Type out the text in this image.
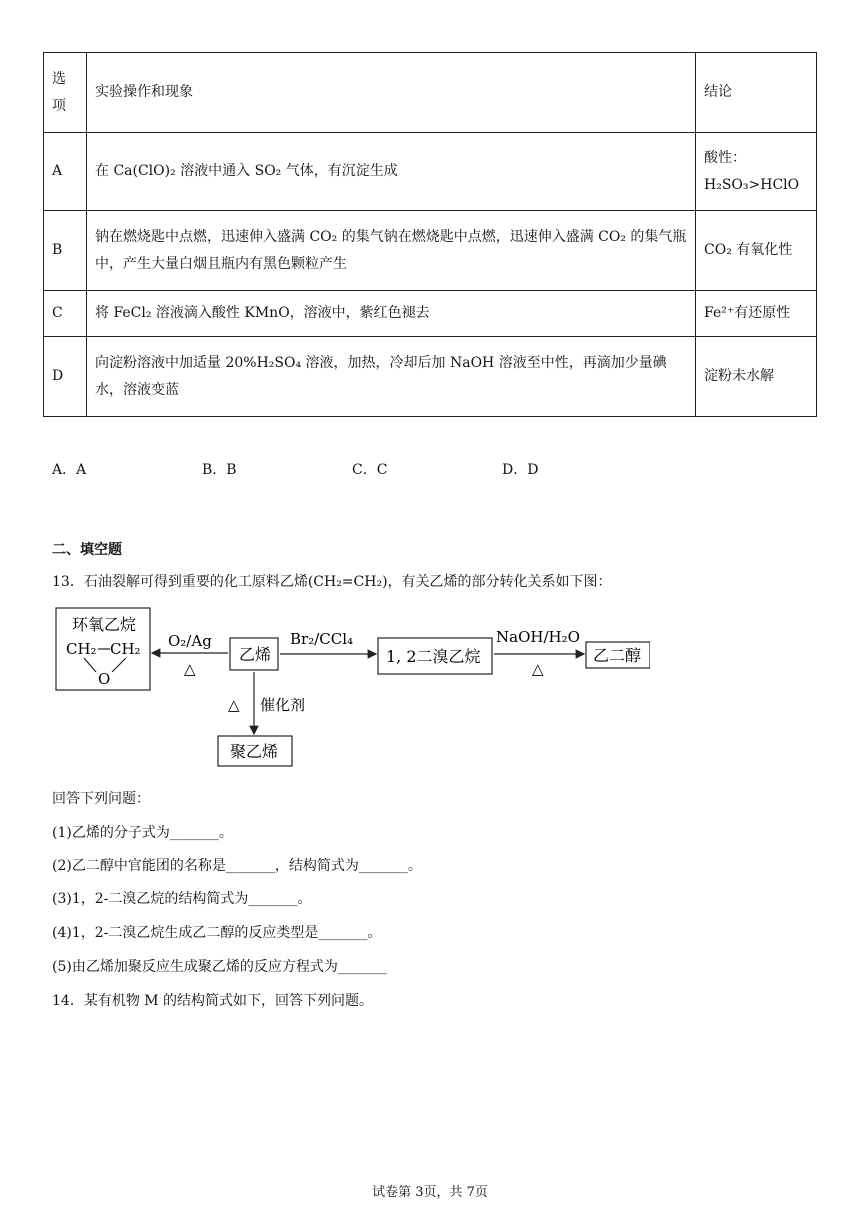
选
项	实验操作和现象	结论
A	在 Ca(ClO)₂ 溶液中通入 SO₂ 气体，有沉淀生成	酸性：H₂SO₃>HClO
B	钠在燃烧匙中点燃，迅速伸入盛满 CO₂ 的集气钠在燃烧匙中点燃，迅速伸入盛满 CO₂ 的集气瓶中，产生大量白烟且瓶内有黑色颗粒产生	CO₂ 有氧化性
C	将 FeCl₂ 溶液滴入酸性 KMnO，溶液中，紫红色褪去	Fe²⁺有还原性
D	向淀粉溶液中加适量 20%H₂SO₄ 溶液，加热，冷却后加 NaOH 溶液至中性，再滴加少量碘水，溶液变蓝	淀粉未水解
A．A	B．B	C．C	D．D
二、填空题
13．石油裂解可得到重要的化工原料乙烯(CH₂=CH₂)，有关乙烯的部分转化关系如下图：
环氧乙烷
CH₂ CH₂
O
O₂/Ag
△
乙烯
Br₂/CCl₄
1, 2二溴乙烷
NaOH/H₂O
△
乙二醇
△ 催化剂
聚乙烯
回答下列问题：
(1)乙烯的分子式为_______。
(2)乙二醇中官能团的名称是_______，结构简式为_______。
(3)1，2-二溴乙烷的结构简式为_______。
(4)1，2-二溴乙烷生成乙二醇的反应类型是_______。
(5)由乙烯加聚反应生成聚乙烯的反应方程式为_______
14．某有机物 M 的结构简式如下，回答下列问题。
试卷第 3页，共 7页
